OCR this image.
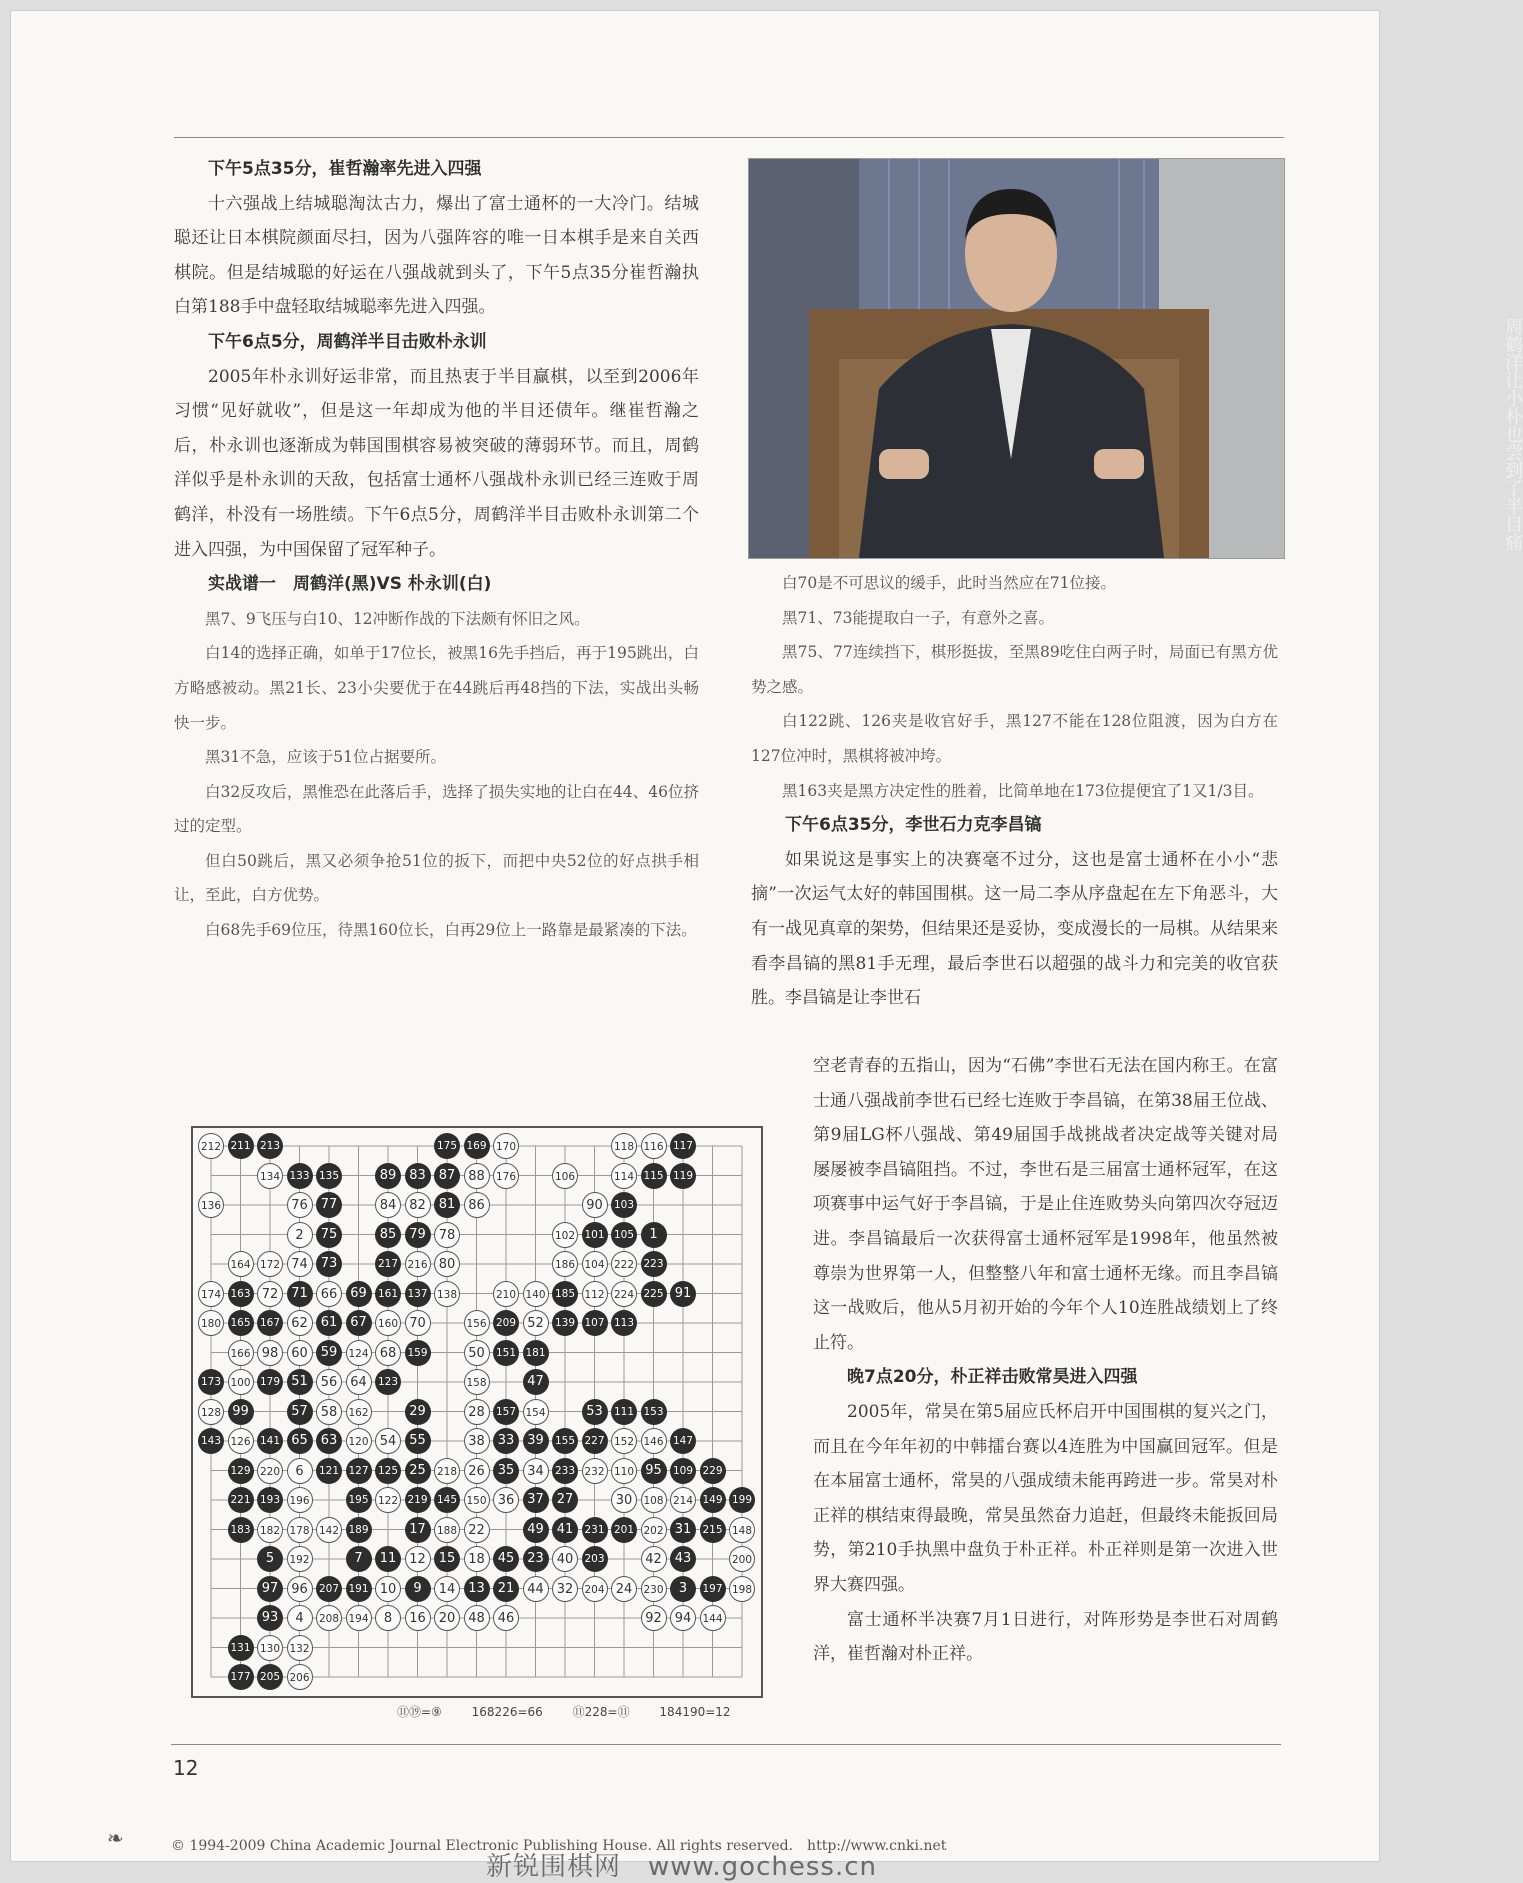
下午5点35分，崔哲瀚率先进入四强

十六强战上结城聪淘汰古力，爆出了富士通杯的一大冷门。结城聪还让日本棋院颜面尽扫，因为八强阵容的唯一日本棋手是来自关西棋院。但是结城聪的好运在八强战就到头了，下午5点35分崔哲瀚执白第188手中盘轻取结城聪率先进入四强。

下午6点5分，周鹤洋半目击败朴永训

2005年朴永训好运非常，而且热衷于半目赢棋，以至到2006年习惯“见好就收”，但是这一年却成为他的半目还债年。继崔哲瀚之后，朴永训也逐渐成为韩国围棋容易被突破的薄弱环节。而且，周鹤洋似乎是朴永训的天敌，包括富士通杯八强战朴永训已经三连败于周鹤洋，朴没有一场胜绩。下午6点5分，周鹤洋半目击败朴永训第二个进入四强，为中国保留了冠军种子。

实战谱一　周鹤洋(黑)VS 朴永训(白)

黑7、9飞压与白10、12冲断作战的下法颇有怀旧之风。

白14的选择正确，如单于17位长，被黑16先手挡后，再于195跳出，白方略感被动。黑21长、23小尖要优于在44跳后再48挡的下法，实战出头畅快一步。

黑31不急，应该于51位占据要所。

白32反攻后，黑惟恐在此落后手，选择了损失实地的让白在44、46位挤过的定型。

但白50跳后，黑又必须争抢51位的扳下，而把中央52位的好点拱手相让，至此，白方优势。

白68先手69位压，待黑160位长，白再29位上一路靠是最紧凑的下法。

周鹤洋让小朴也尝到了半目痛

白70是不可思议的缓手，此时当然应在71位接。

黑71、73能提取白一子，有意外之喜。

黑75、77连续挡下，棋形挺拔，至黑89吃住白两子时，局面已有黑方优势之感。

白122跳、126夹是收官好手，黑127不能在128位阻渡，因为白方在127位冲时，黑棋将被冲垮。

黑163夹是黑方决定性的胜着，比简单地在173位提便宜了1又1/3目。

下午6点35分，李世石力克李昌镐

如果说这是事实上的决赛毫不过分，这也是富士通杯在小小“悲摘”一次运气太好的韩国围棋。这一局二李从序盘起在左下角恶斗，大有一战见真章的架势，但结果还是妥协，变成漫长的一局棋。从结果来看李昌镐的黑81手无理，最后李世石以超强的战斗力和完美的收官获胜。李昌镐是让李世石

空老青春的五指山，因为“石佛”李世石无法在国内称王。在富士通八强战前李世石已经七连败于李昌镐，在第38届王位战、第9届LG杯八强战、第49届国手战挑战者决定战等关键对局屡屡被李昌镐阻挡。不过，李世石是三届富士通杯冠军，在这项赛事中运气好于李昌镐，于是止住连败势头向第四次夺冠迈进。李昌镐最后一次获得富士通杯冠军是1998年，他虽然被尊崇为世界第一人，但整整八年和富士通杯无缘。而且李昌镐这一战败后，他从5月初开始的今年个人10连胜战绩划上了终止符。

晚7点20分，朴正祥击败常昊进入四强

2005年，常昊在第5届应氏杯启开中国围棋的复兴之门，而且在今年年初的中韩擂台赛以4连胜为中国赢回冠军。但是在本届富士通杯，常昊的八强成绩未能再跨进一步。常昊对朴正祥的棋结束得最晚，常昊虽然奋力追赶，但最终未能扳回局势，第210手执黑中盘负于朴正祥。朴正祥则是第一次进入世界大赛四强。

富士通杯半决赛7月1日进行，对阵形势是李世石对周鹤洋，崔哲瀚对朴正祥。

212 211 213	175 169 170	118 116 117
134 133 135	89 83 87 88	176	106	114 115 119
136	76 77	84 82 81 86	90	103
2	75	85 79 78	102 101 105	1
164 172 74 73	217 216 80	186 104 222 223
174 163 72 71 66 69	161 137 138	210 140 185 112 224 225 91
180 165 167 62 61 67	160 70	156 209 52	139 107 113
166 98 60 59	124 68	159	50	151 181
173 100 179 51 56 64	123	158	47
128 99	57 58	162	29	28	157 154	53	111 153
143 126 141 65 63	120 54 55	38 33 39	155 227 152 146 147
129 220	6	121 127 125 25	218 26 35 34	233 232 110 95	109 229
221 193 196	195 122 219 145 150 36 37 27	30	108 214 149 199
183 182 178 142 189	17	188 22	49 41	231 201 202 31	215 148
5	192	7	11 12 15 18 45 23 40	203	42 43	200
97 96	207 191 10	9	14 13 21 44 32	204 24	230	3	197 198
93	4	208 194	8	16 20 48 46	92 94	144
131 130 132
177 205 206
⑪⑲=⑨ 168226=66 ⑪228=⑪ 184190=12
12
❧	© 1994-2009 China Academic Journal Electronic Publishing House. All rights reserved.　http://www.cnki.net
新锐围棋网　www.gochess.cn
